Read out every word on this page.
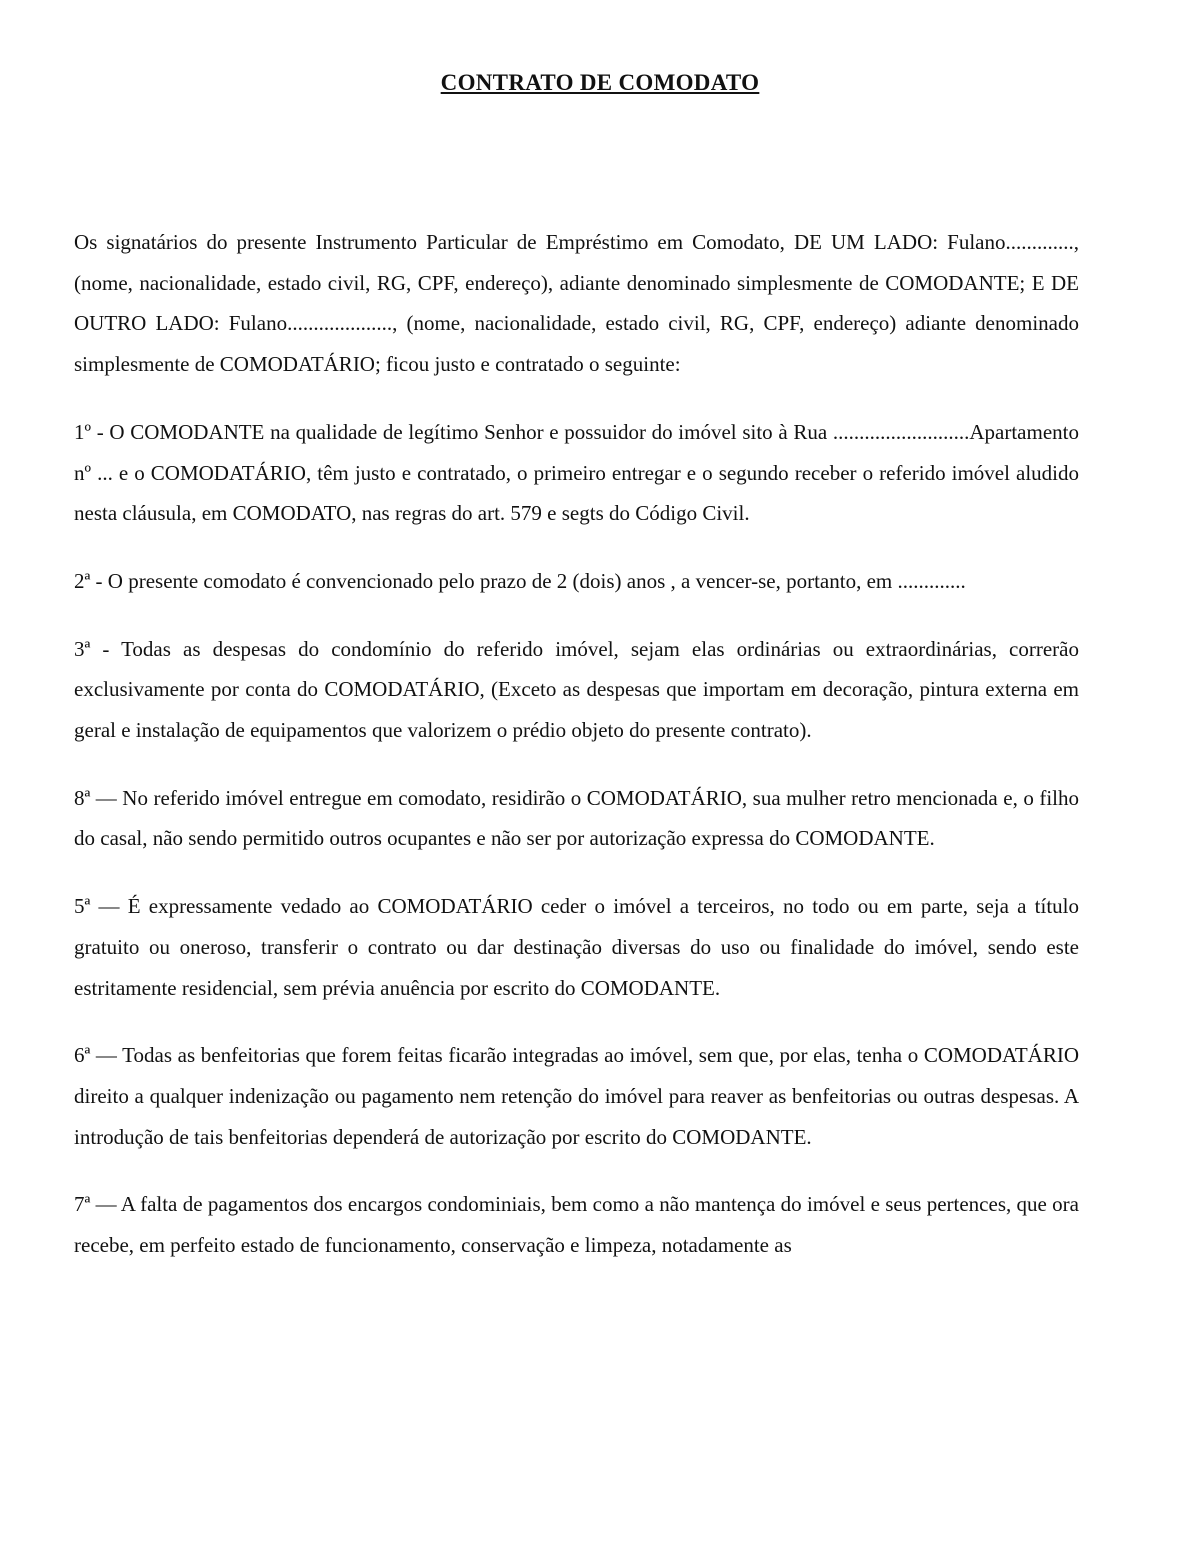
CONTRATO DE COMODATO

Os signatários do presente Instrumento Particular de Empréstimo em Comodato, DE UM LADO: Fulano............., (nome, nacionalidade, estado civil, RG, CPF, endereço), adiante denominado simplesmente de COMODANTE; E DE OUTRO LADO: Fulano...................., (nome, nacionalidade, estado civil, RG, CPF, endereço) adiante denominado simplesmente de COMODATÁRIO; ficou justo e contratado o seguinte:

1º - O COMODANTE na qualidade de legítimo Senhor e possuidor do imóvel sito à Rua ..........................Apartamento nº ... e o COMODATÁRIO, têm justo e contratado, o primeiro entregar e o segundo receber o referido imóvel aludido nesta cláusula, em COMODATO, nas regras do art. 579 e segts do Código Civil.

2ª - O presente comodato é convencionado pelo prazo de 2 (dois) anos , a vencer-se, portanto, em .............

3ª - Todas as despesas do condomínio do referido imóvel, sejam elas ordinárias ou extraordinárias, correrão exclusivamente por conta do COMODATÁRIO, (Exceto as despesas que importam em decoração, pintura externa em geral e instalação de equipamentos que valorizem o prédio objeto do presente contrato).

8ª — No referido imóvel entregue em comodato, residirão o COMODATÁRIO, sua mulher retro mencionada e, o filho do casal, não sendo permitido outros ocupantes e não ser por autorização expressa do COMODANTE.

5ª — É expressamente vedado ao COMODATÁRIO ceder o imóvel a terceiros, no todo ou em parte, seja a título gratuito ou oneroso, transferir o contrato ou dar destinação diversas do uso ou finalidade do imóvel, sendo este estritamente residencial, sem prévia anuência por escrito do COMODANTE.

6ª — Todas as benfeitorias que forem feitas ficarão integradas ao imóvel, sem que, por elas, tenha o COMODATÁRIO direito a qualquer indenização ou pagamento nem retenção do imóvel para reaver as benfeitorias ou outras despesas. A introdução de tais benfeitorias dependerá de autorização por escrito do COMODANTE.

7ª — A falta de pagamentos dos encargos condominiais, bem como a não mantença do imóvel e seus pertences, que ora recebe, em perfeito estado de funcionamento, conservação e limpeza, notadamente as
